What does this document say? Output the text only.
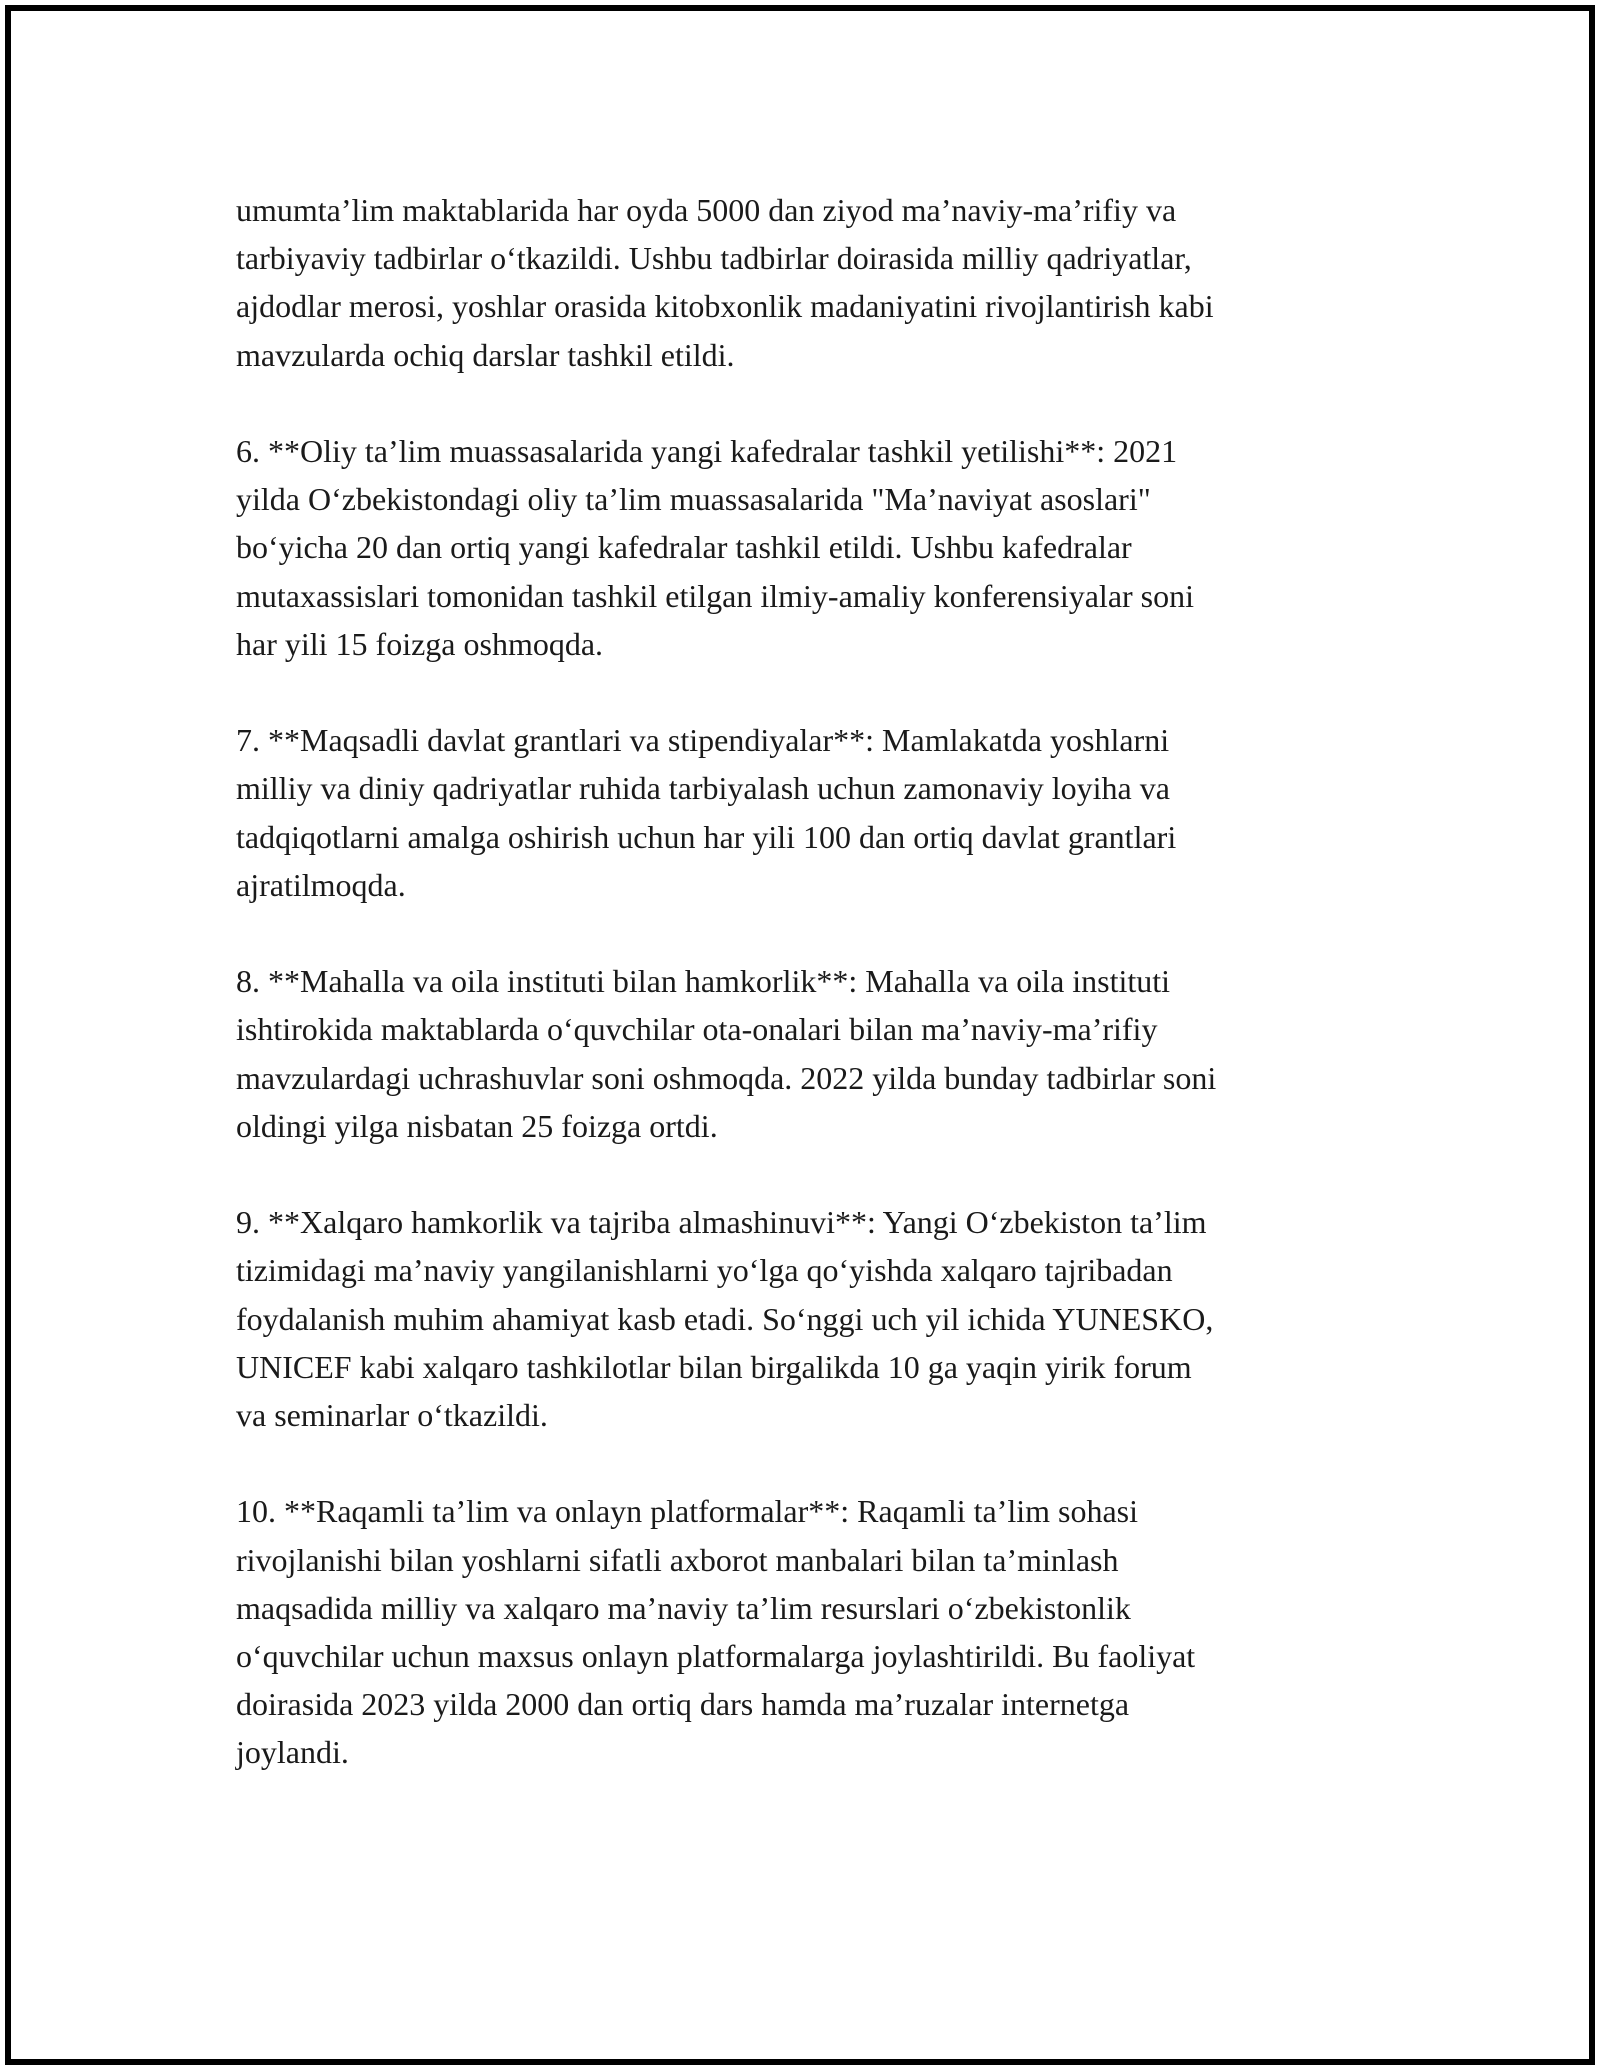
umumta’lim maktablarida har oyda 5000 dan ziyod ma’naviy-ma’rifiy va
tarbiyaviy tadbirlar o‘tkazildi. Ushbu tadbirlar doirasida milliy qadriyatlar,
ajdodlar merosi, yoshlar orasida kitobxonlik madaniyatini rivojlantirish kabi
mavzularda ochiq darslar tashkil etildi.

6. **Oliy ta’lim muassasalarida yangi kafedralar tashkil yetilishi**: 2021
yilda O‘zbekistondagi oliy ta’lim muassasalarida "Ma’naviyat asoslari"
bo‘yicha 20 dan ortiq yangi kafedralar tashkil etildi. Ushbu kafedralar
mutaxassislari tomonidan tashkil etilgan ilmiy-amaliy konferensiyalar soni
har yili 15 foizga oshmoqda.

7. **Maqsadli davlat grantlari va stipendiyalar**: Mamlakatda yoshlarni
milliy va diniy qadriyatlar ruhida tarbiyalash uchun zamonaviy loyiha va
tadqiqotlarni amalga oshirish uchun har yili 100 dan ortiq davlat grantlari
ajratilmoqda.

8. **Mahalla va oila instituti bilan hamkorlik**: Mahalla va oila instituti
ishtirokida maktablarda o‘quvchilar ota-onalari bilan ma’naviy-ma’rifiy
mavzulardagi uchrashuvlar soni oshmoqda. 2022 yilda bunday tadbirlar soni
oldingi yilga nisbatan 25 foizga ortdi.

9. **Xalqaro hamkorlik va tajriba almashinuvi**: Yangi O‘zbekiston ta’lim
tizimidagi ma’naviy yangilanishlarni yo‘lga qo‘yishda xalqaro tajribadan
foydalanish muhim ahamiyat kasb etadi. So‘nggi uch yil ichida YUNESKO,
UNICEF kabi xalqaro tashkilotlar bilan birgalikda 10 ga yaqin yirik forum
va seminarlar o‘tkazildi.

10. **Raqamli ta’lim va onlayn platformalar**: Raqamli ta’lim sohasi
rivojlanishi bilan yoshlarni sifatli axborot manbalari bilan ta’minlash
maqsadida milliy va xalqaro ma’naviy ta’lim resurslari o‘zbekistonlik
o‘quvchilar uchun maxsus onlayn platformalarga joylashtirildi. Bu faoliyat
doirasida 2023 yilda 2000 dan ortiq dars hamda ma’ruzalar internetga
joylandi.
